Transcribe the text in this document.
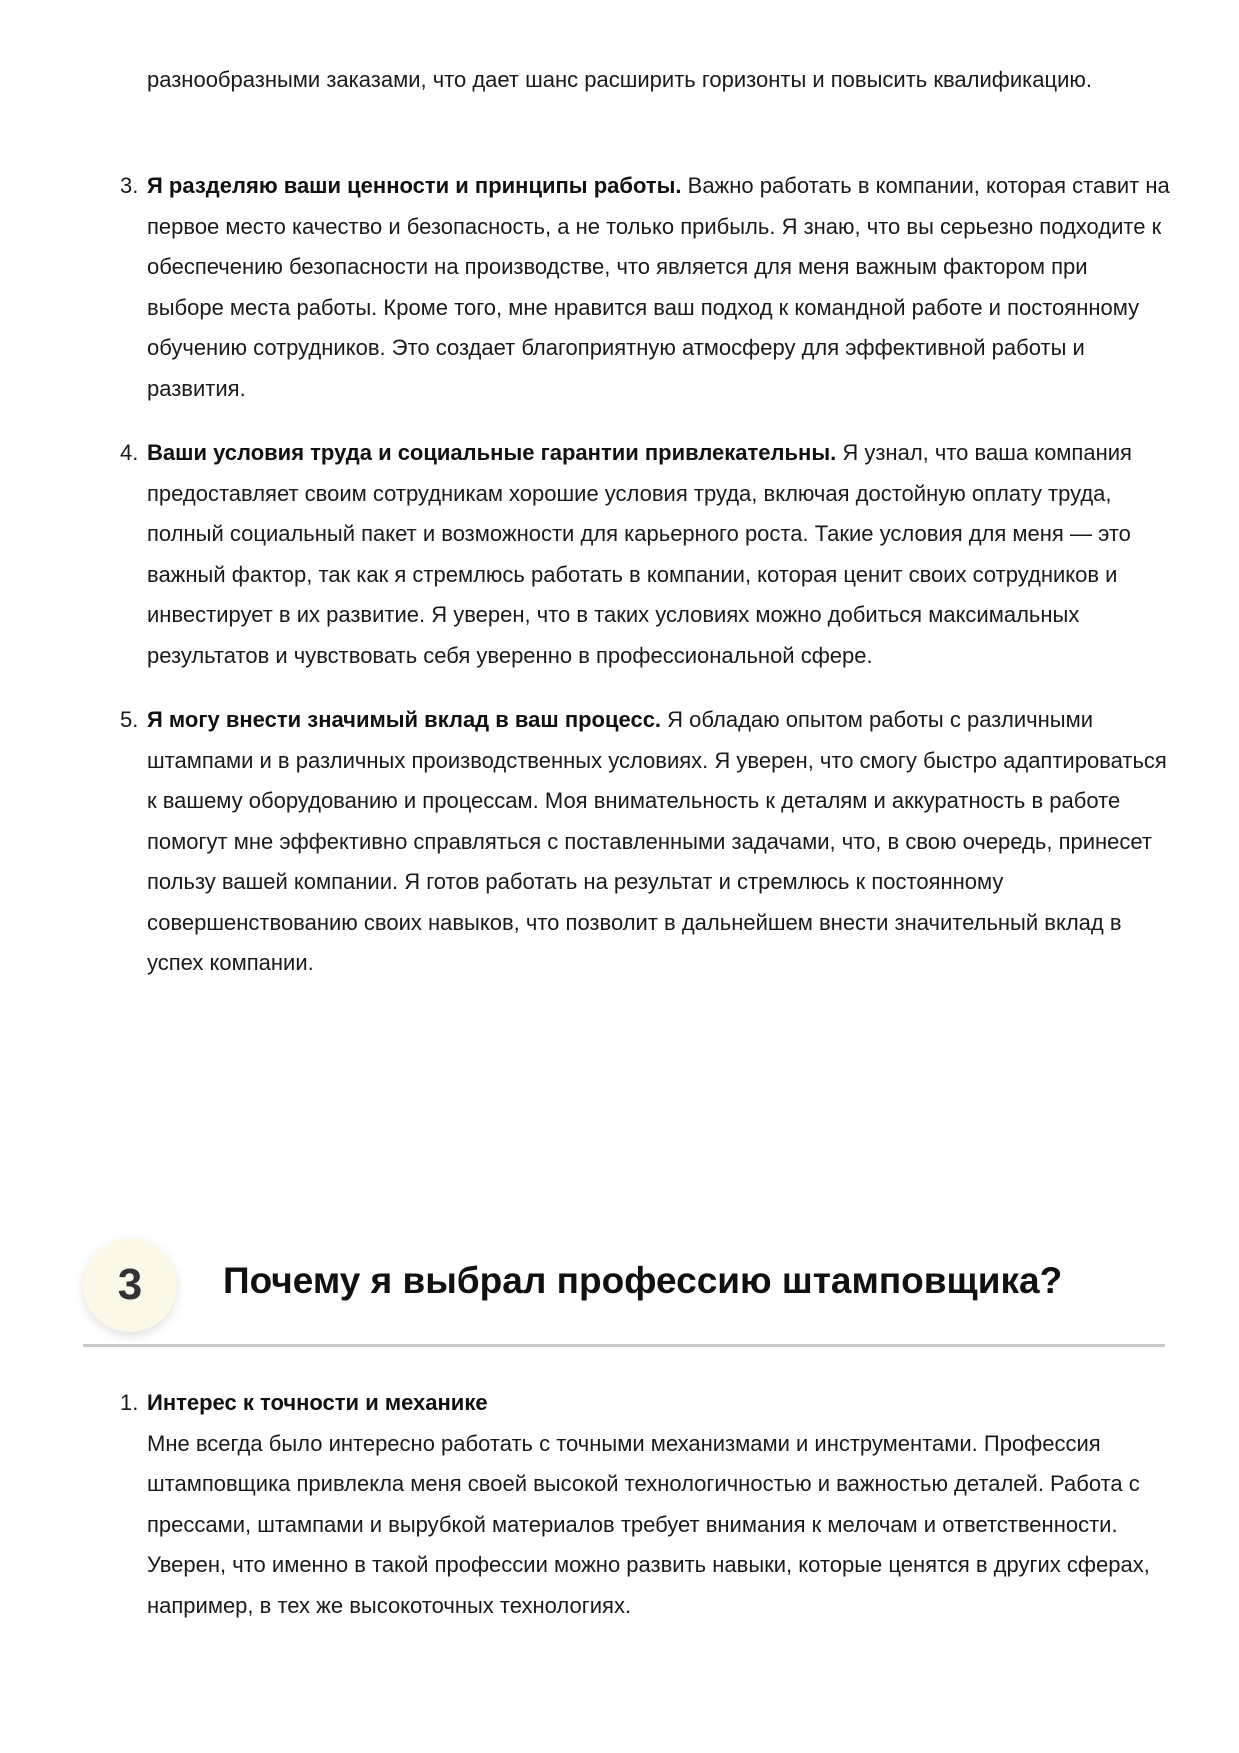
разнообразными заказами, что дает шанс расширить горизонты и повысить квалификацию.
3. Я разделяю ваши ценности и принципы работы. Важно работать в компании, которая ставит на первое место качество и безопасность, а не только прибыль. Я знаю, что вы серьезно подходите к обеспечению безопасности на производстве, что является для меня важным фактором при выборе места работы. Кроме того, мне нравится ваш подход к командной работе и постоянному обучению сотрудников. Это создает благоприятную атмосферу для эффективной работы и развития.
4. Ваши условия труда и социальные гарантии привлекательны. Я узнал, что ваша компания предоставляет своим сотрудникам хорошие условия труда, включая достойную оплату труда, полный социальный пакет и возможности для карьерного роста. Такие условия для меня — это важный фактор, так как я стремлюсь работать в компании, которая ценит своих сотрудников и инвестирует в их развитие. Я уверен, что в таких условиях можно добиться максимальных результатов и чувствовать себя уверенно в профессиональной сфере.
5. Я могу внести значимый вклад в ваш процесс. Я обладаю опытом работы с различными штампами и в различных производственных условиях. Я уверен, что смогу быстро адаптироваться к вашему оборудованию и процессам. Моя внимательность к деталям и аккуратность в работе помогут мне эффективно справляться с поставленными задачами, что, в свою очередь, принесет пользу вашей компании. Я готов работать на результат и стремлюсь к постоянному совершенствованию своих навыков, что позволит в дальнейшем внести значительный вклад в успех компании.
3	Почему я выбрал профессию штамповщика?
1. Интерес к точности и механике
Мне всегда было интересно работать с точными механизмами и инструментами. Профессия штамповщика привлекла меня своей высокой технологичностью и важностью деталей. Работа с прессами, штампами и вырубкой материалов требует внимания к мелочам и ответственности. Уверен, что именно в такой профессии можно развить навыки, которые ценятся в других сферах, например, в тех же высокоточных технологиях.
